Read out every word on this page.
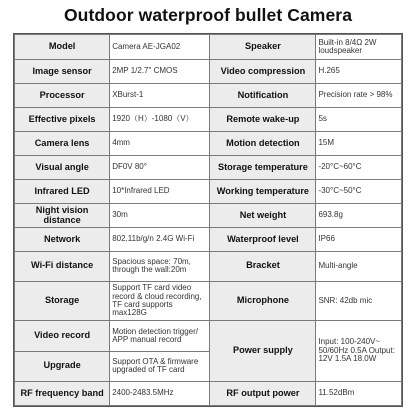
Outdoor waterproof bullet Camera
Model	Camera AE-JGA02	Speaker	Built-in 8/4Ω 2W loudspeaker
Image sensor	2MP 1/2.7" CMOS	Video compression	H.265
Processor	XBurst-1	Notification	Precision rate > 98%
Effective pixels	1920（H）-1080（V）	Remote wake-up	5s
Camera lens	4mm	Motion detection	15M
Visual angle	DF0V 80°	Storage temperature	-20°C~60°C
Infrared LED	10*Infrared LED	Working temperature	-30°C~50°C
Night vision distance	30m	Net weight	693.8g
Network	802.11b/g/n 2.4G Wi-Fi	Waterproof level	IP66
Wi-Fi distance	Spacious space: 70m, through the wall:20m	Bracket	Multi-angle
Storage	Support TF card video record & cloud recording, TF card supports max128G	Microphone	SNR: 42db mic
Video record	Motion detection trigger/ APP manual record	Power supply	Input: 100-240V~ 50/60Hz 0.5A Output: 12V 1.5A 18.0W
Upgrade	Support OTA & firmware upgraded of TF card		
RF frequency band	2400-2483.5MHz	RF output power	11.52dBm
